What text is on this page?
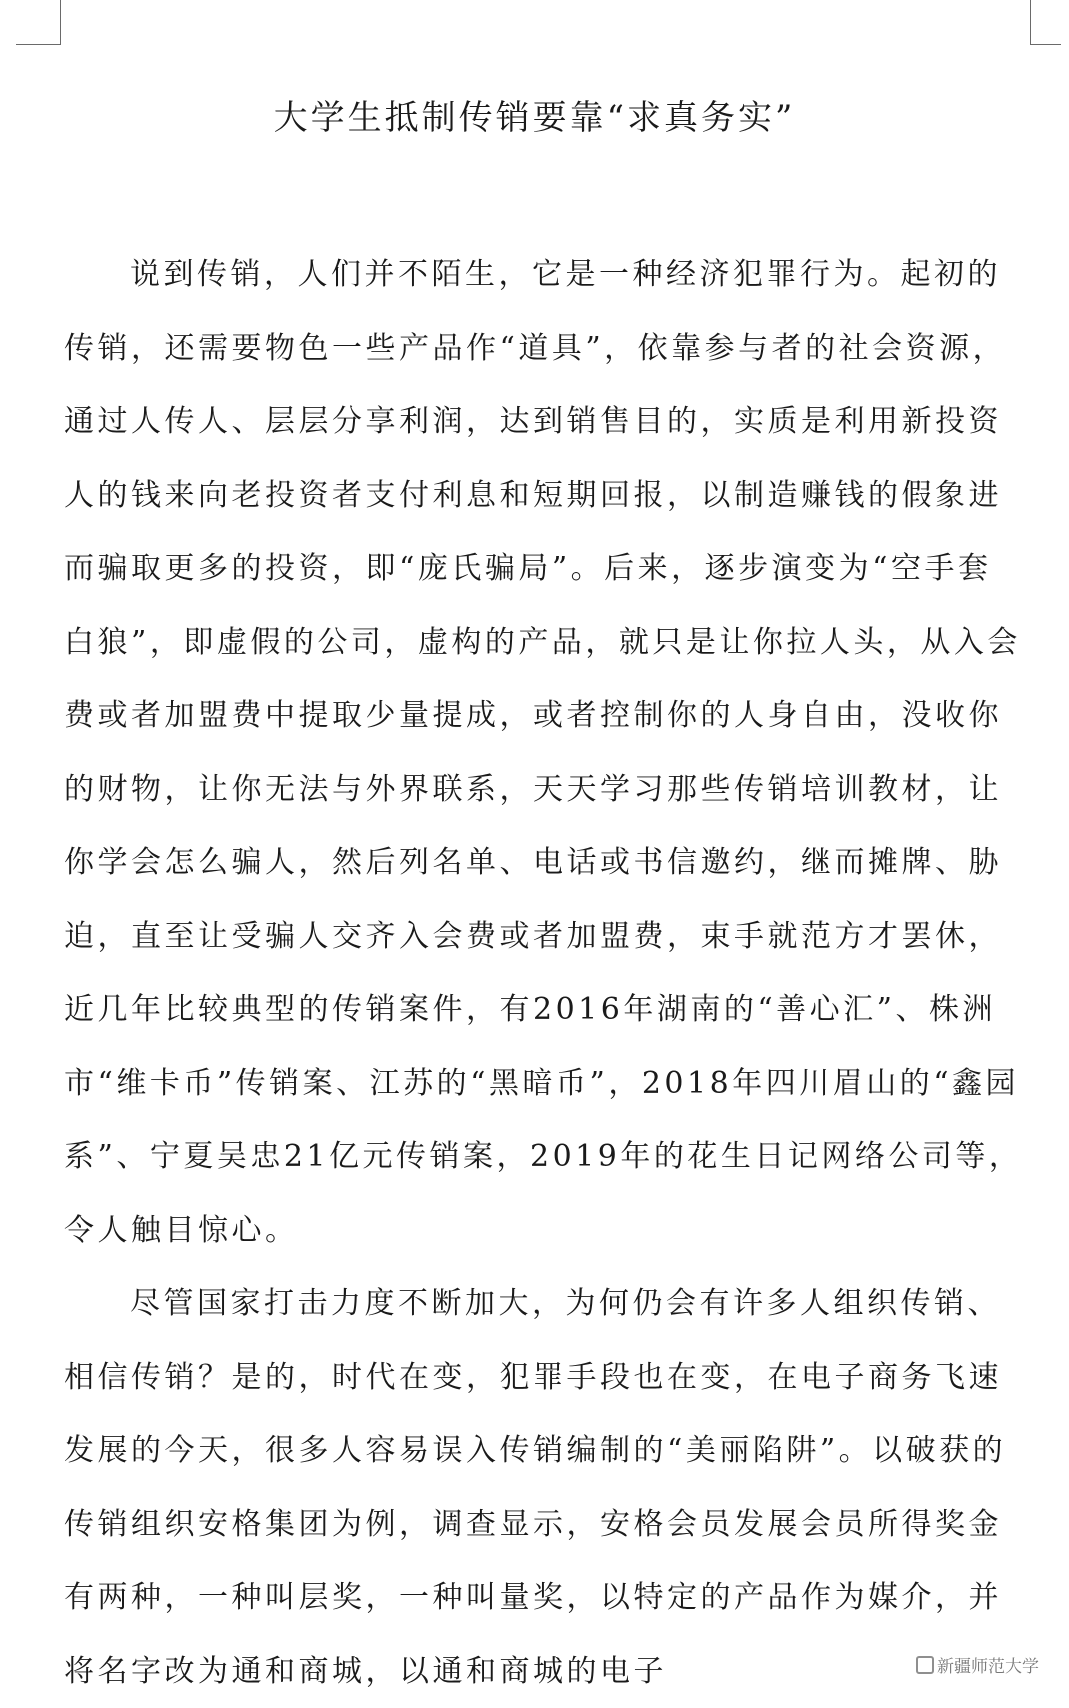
大学生抵制传销要靠“求真务实”

说到传销，人们并不陌生，它是一种经济犯罪行为。起初的传销，还需要物色一些产品作“道具”，依靠参与者的社会资源，通过人传人、层层分享利润，达到销售目的，实质是利用新投资人的钱来向老投资者支付利息和短期回报，以制造赚钱的假象进而骗取更多的投资，即“庞氏骗局”。后来，逐步演变为“空手套白狼”，即虚假的公司，虚构的产品，就只是让你拉人头，从入会费或者加盟费中提取少量提成，或者控制你的人身自由，没收你的财物，让你无法与外界联系，天天学习那些传销培训教材，让你学会怎么骗人，然后列名单、电话或书信邀约，继而摊牌、胁迫，直至让受骗人交齐入会费或者加盟费，束手就范方才罢休，近几年比较典型的传销案件，有2016年湖南的“善心汇”、株洲市“维卡币”传销案、江苏的“黑暗币”，2018年四川眉山的“鑫园系”、宁夏吴忠21亿元传销案，2019年的花生日记网络公司等，令人触目惊心。

尽管国家打击力度不断加大，为何仍会有许多人组织传销、相信传销？是的，时代在变，犯罪手段也在变，在电子商务飞速发展的今天，很多人容易误入传销编制的“美丽陷阱”。以破获的传销组织安格集团为例，调查显示，安格会员发展会员所得奖金有两种，一种叫层奖，一种叫量奖，以特定的产品作为媒介，并将名字改为通和商城，以通和商城的电子	新疆师范大学
